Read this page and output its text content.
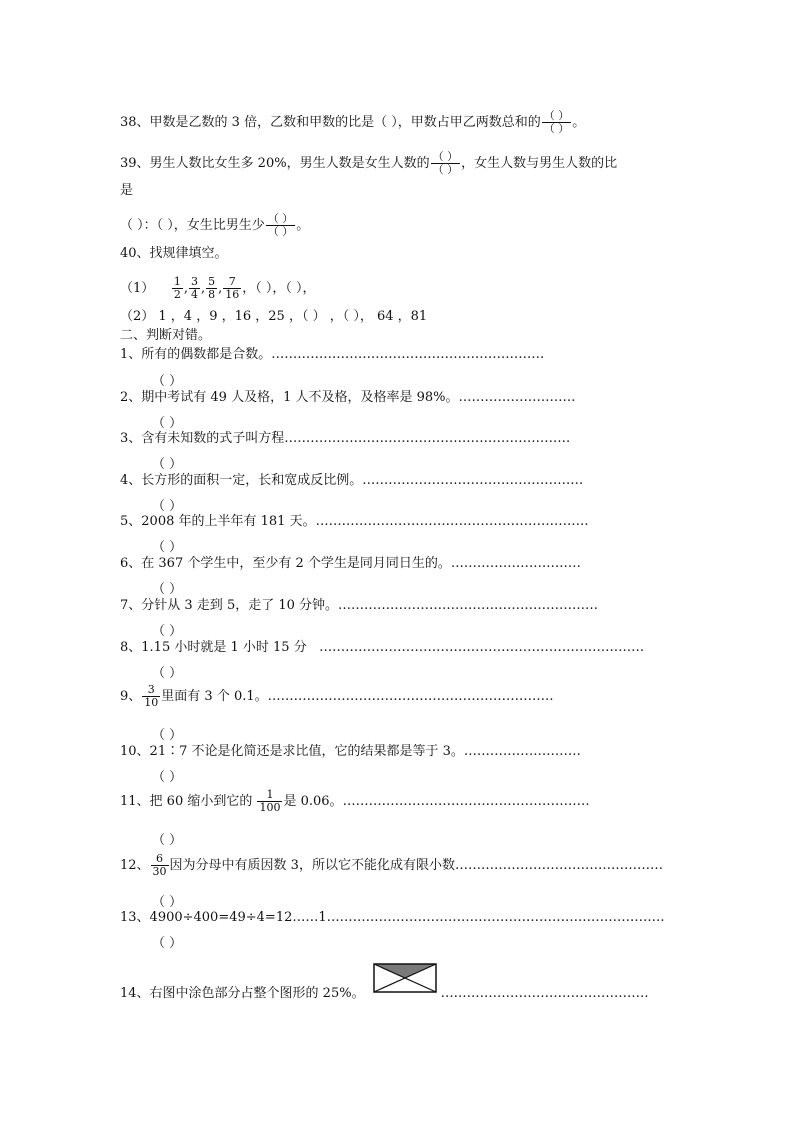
38、甲数是乙数的 3 倍，乙数和甲数的比是（ ），甲数占甲乙两数总和的 $\frac{( )}{( )}$ 。
39、男生人数比女生多 20%，男生人数是女生人数的 $\frac{( )}{( )}$ ，女生人数与男生人数的比
是
（ ）：（ ），女生比男生少 $\frac{( )}{( )}$ 。
40、找规律填空。
$(1) \frac{1}{2}$ , $\frac{3}{4}$ , $\frac{5}{8}$ , $\frac{7}{16}$ ，（ ），（ ），
（2） 1 ，4 ，9 ，16 ，25 ，（ ） ，（ ）， 64 ，81
二、判断对错。
1、所有的偶数都是合数。………………………………………………………
（ ）
2、期中考试有 49 人及格，1 人不及格，及格率是 98%。………………………
（ ）
3、含有未知数的式子叫方程…………………………………………………………
（ ）
4、长方形的面积一定，长和宽成反比例。……………………………………………
（ ）
5、2008 年的上半年有 181 天。………………………………………………………
（ ）
6、在 367 个学生中，至少有 2 个学生是同月同日生的。…………………………
（ ）
7、分针从 3 走到 5，走了 10 分钟。……………………………………………………
（ ）
8、1.15 小时就是 1 小时 15 分 …………………………………………………………………
（ ）
9、 $\frac{3}{10}$ 里面有 3 个 0.1。…………………………………………………………
（ ）
10、21∶7 不论是化简还是求比值，它的结果都是等于 3。………………………
（ ）
11、把 60 缩小到它的 $\frac{1}{100}$ 是 0.06。…………………………………………………
（ ）
12、 $\frac{6}{30}$ 因为分母中有质因数 3，所以它不能化成有限小数…………………………………………
（ ）
13、4900÷400=49÷4=12……1……………………………………………………………………
（ ）
14、右图中涂色部分占整个图形的 25%。	…………………………………………
